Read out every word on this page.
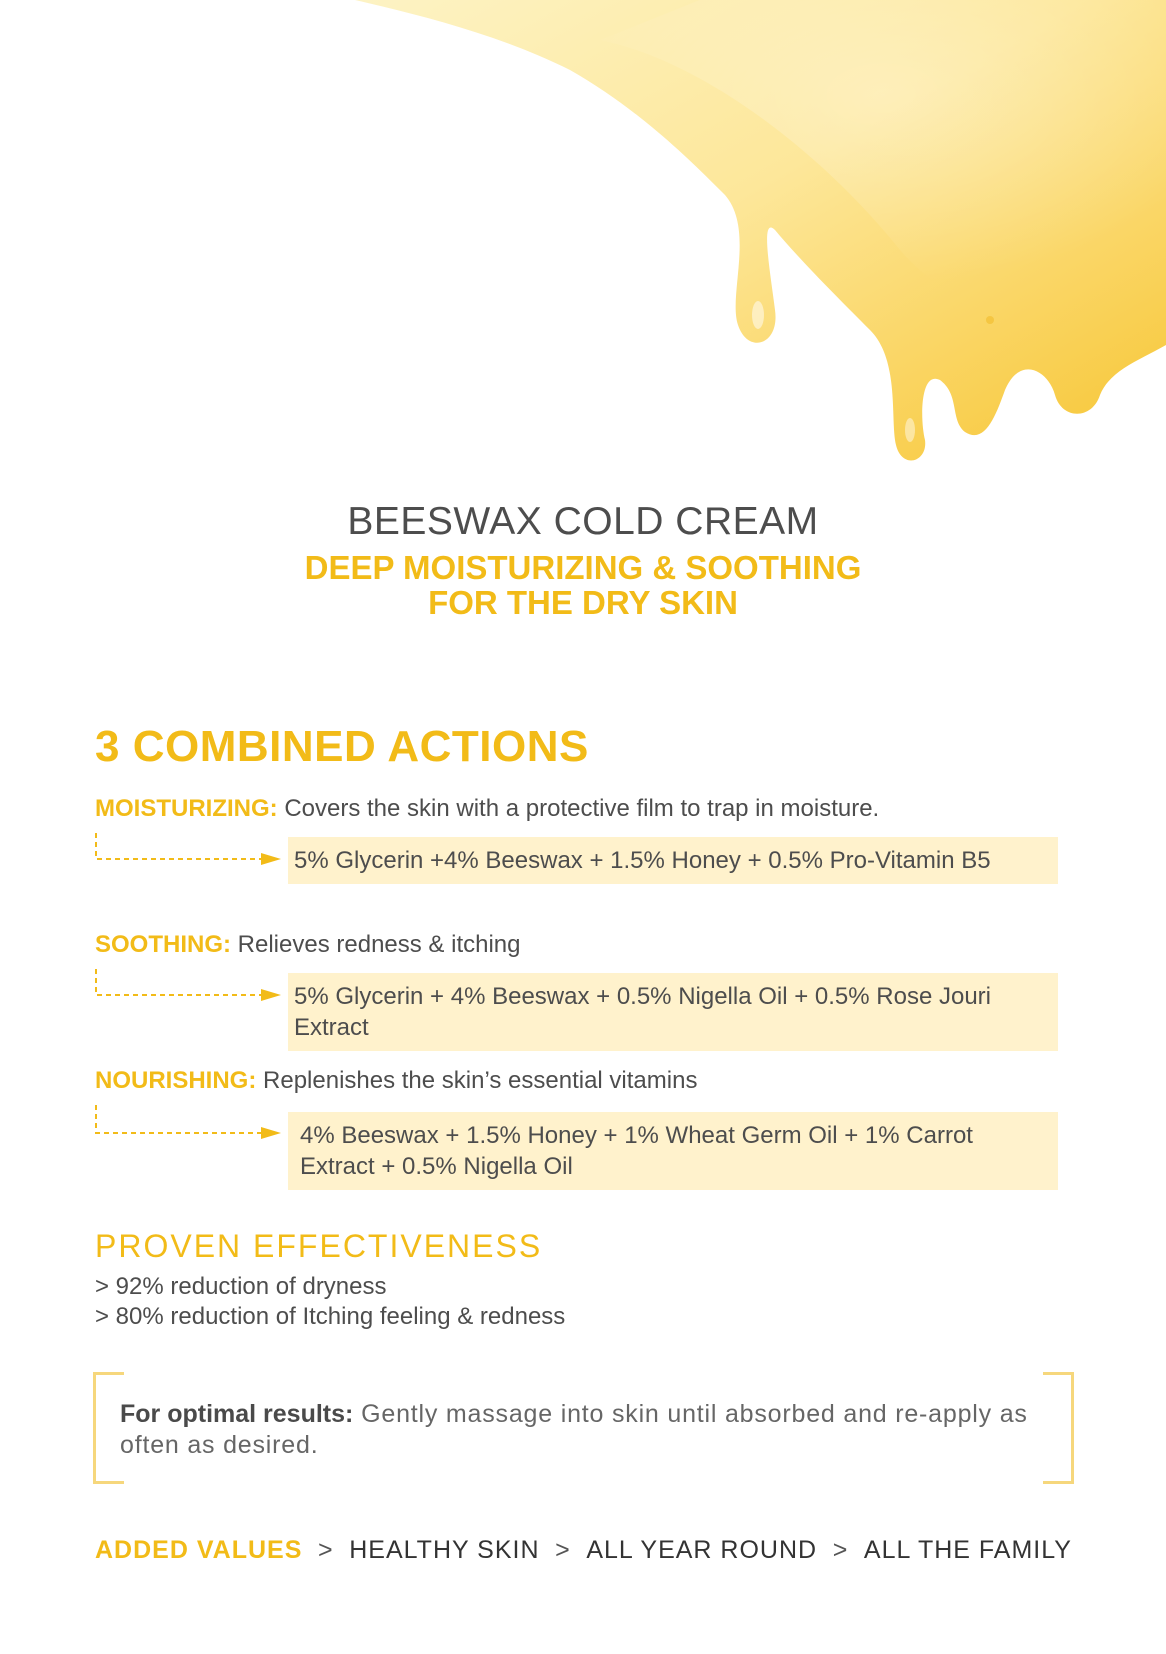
BEESWAX COLD CREAM
DEEP MOISTURIZING & SOOTHING
FOR THE DRY SKIN
3 COMBINED ACTIONS
MOISTURIZING: Covers the skin with a protective film to trap in moisture.
5% Glycerin +4% Beeswax + 1.5% Honey + 0.5% Pro-Vitamin B5
SOOTHING: Relieves redness & itching
5% Glycerin + 4% Beeswax + 0.5% Nigella Oil + 0.5% Rose Jouri Extract
NOURISHING: Replenishes the skin’s essential vitamins
4% Beeswax + 1.5% Honey + 1% Wheat Germ Oil + 1% Carrot Extract + 0.5% Nigella Oil
PROVEN EFFECTIVENESS
> 92% reduction of dryness
> 80% reduction of Itching feeling & redness
For optimal results: Gently massage into skin until absorbed and re-apply as often as desired.
ADDED VALUES > HEALTHY SKIN > ALL YEAR ROUND > ALL THE FAMILY
